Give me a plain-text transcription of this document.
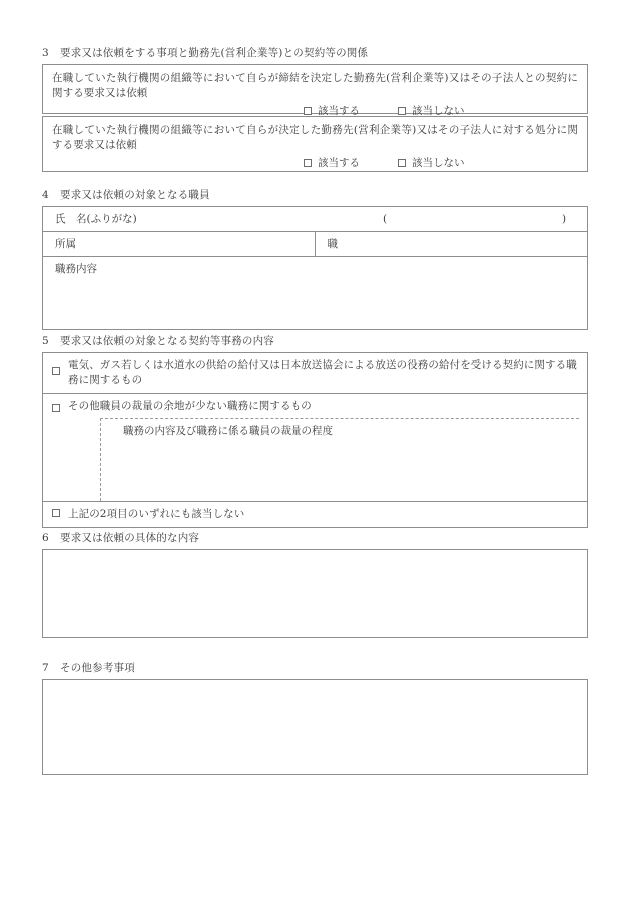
3	要求又は依頼をする事項と勤務先(営利企業等)との契約等の関係
在職していた執行機関の組織等において自らが締結を決定した勤務先(営利企業等)又はその子法人との契約に関する要求又は依頼
該当する	該当しない
在職していた執行機関の組織等において自らが決定した勤務先(営利企業等)又はその子法人に対する処分に関する要求又は依頼
該当する	該当しない
4	要求又は依頼の対象となる職員
氏　名(ふりがな)	(	)

所属	職
職務内容
5	要求又は依頼の対象となる契約等事務の内容
電気、ガス若しくは水道水の供給の給付又は日本放送協会による放送の役務の給付を受ける契約に関する職務に関するもの
その他職員の裁量の余地が少ない職務に関するもの
職務の内容及び職務に係る職員の裁量の程度
上記の2項目のいずれにも該当しない
6	要求又は依頼の具体的な内容
7	その他参考事項
